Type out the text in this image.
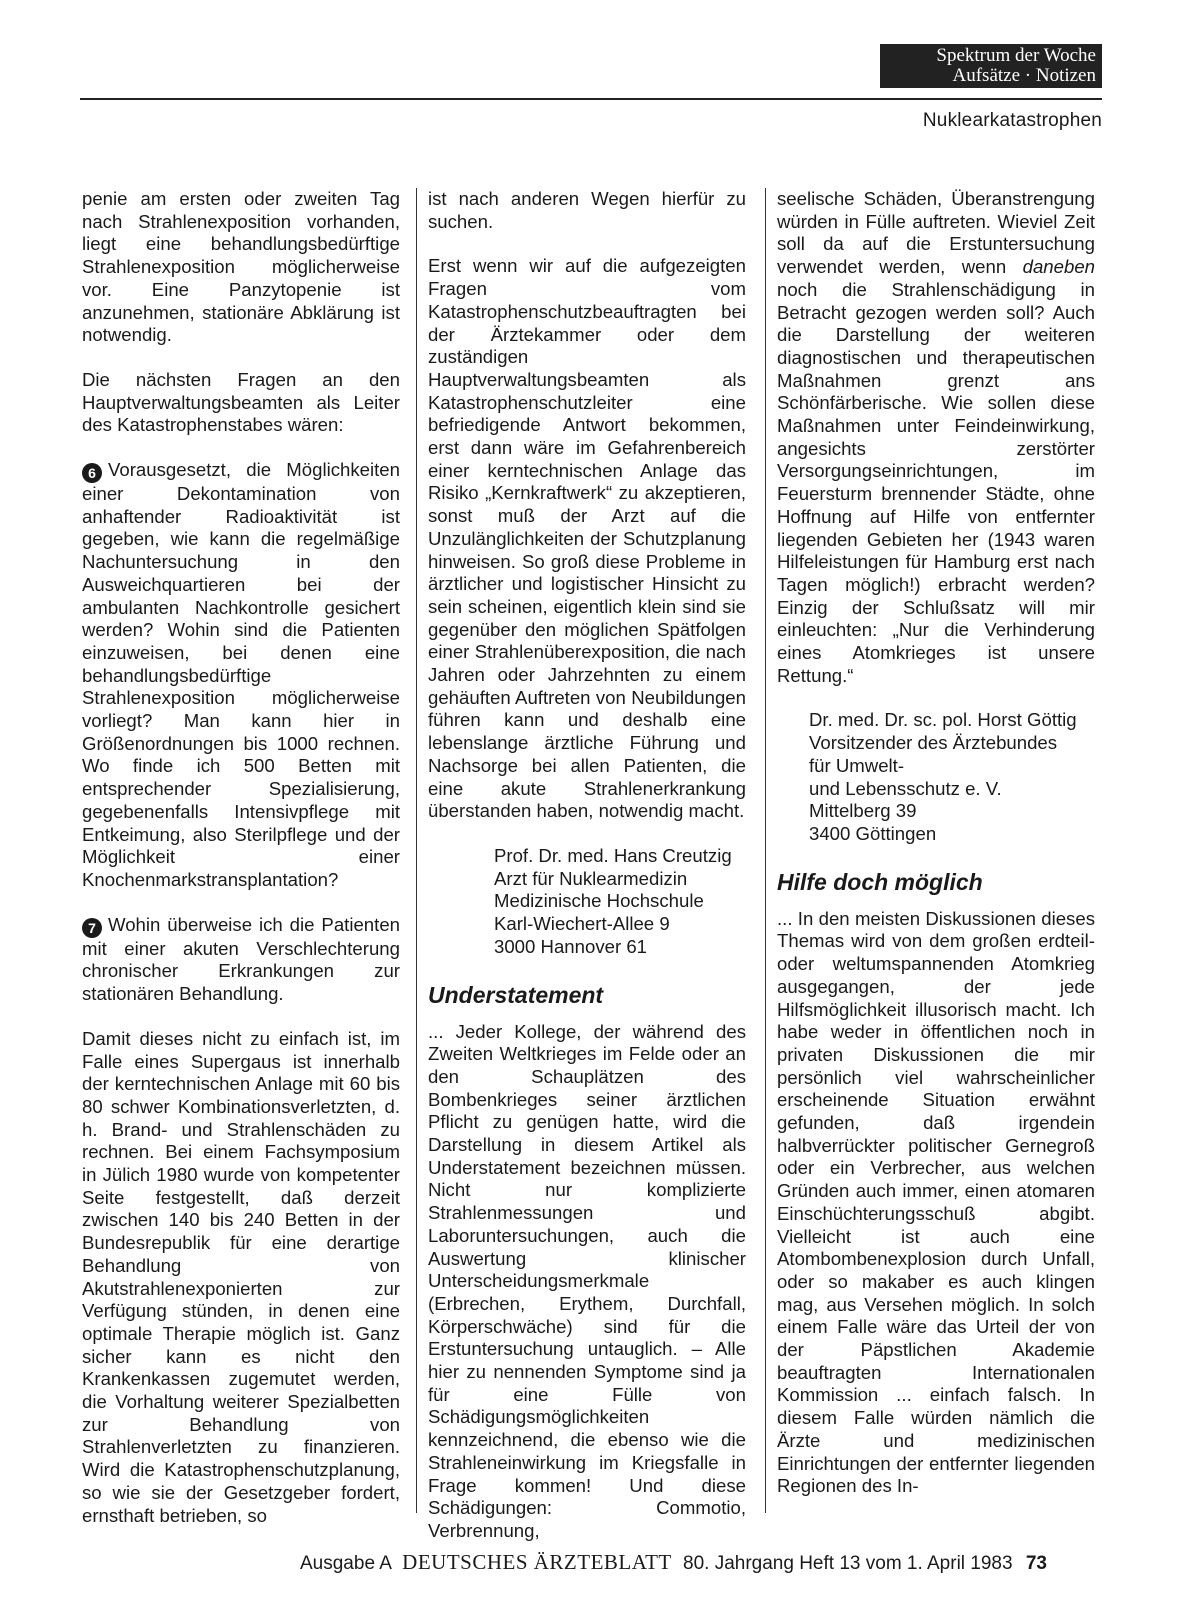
Spektrum der Woche
Aufsätze · Notizen
Nuklearkatastrophen

penie am ersten oder zweiten Tag nach Strahlenexposition vorhanden, liegt eine behandlungsbedürftige Strahlenexposition möglicherweise vor. Eine Panzytopenie ist anzunehmen, stationäre Abklärung ist notwendig.

Die nächsten Fragen an den Hauptverwaltungsbeamten als Leiter des Katastrophenstabes wären:

6 Vorausgesetzt, die Möglichkeiten einer Dekontamination von anhaftender Radioaktivität ist gegeben, wie kann die regelmäßige Nachuntersuchung in den Ausweichquartieren bei der ambulanten Nachkontrolle gesichert werden? Wohin sind die Patienten einzuweisen, bei denen eine behandlungsbedürftige Strahlenexposition möglicherweise vorliegt? Man kann hier in Größenordnungen bis 1000 rechnen. Wo finde ich 500 Betten mit entsprechender Spezialisierung, gegebenenfalls Intensivpflege mit Entkeimung, also Sterilpflege und der Möglichkeit einer Knochenmarkstransplantation?

7 Wohin überweise ich die Patienten mit einer akuten Verschlechterung chronischer Erkrankungen zur stationären Behandlung.

Damit dieses nicht zu einfach ist, im Falle eines Supergaus ist innerhalb der kerntechnischen Anlage mit 60 bis 80 schwer Kombinationsverletzten, d. h. Brand- und Strahlenschäden zu rechnen. Bei einem Fachsymposium in Jülich 1980 wurde von kompetenter Seite festgestellt, daß derzeit zwischen 140 bis 240 Betten in der Bundesrepublik für eine derartige Behandlung von Akutstrahlenexponierten zur Verfügung stünden, in denen eine optimale Therapie möglich ist. Ganz sicher kann es nicht den Krankenkassen zugemutet werden, die Vorhaltung weiterer Spezialbetten zur Behandlung von Strahlenverletzten zu finanzieren. Wird die Katastrophenschutzplanung, so wie sie der Gesetzgeber fordert, ernsthaft betrieben, so

ist nach anderen Wegen hierfür zu suchen.

Erst wenn wir auf die aufgezeigten Fragen vom Katastrophenschutzbeauftragten bei der Ärztekammer oder dem zuständigen Hauptverwaltungsbeamten als Katastrophenschutzleiter eine befriedigende Antwort bekommen, erst dann wäre im Gefahrenbereich einer kerntechnischen Anlage das Risiko „Kernkraftwerk“ zu akzeptieren, sonst muß der Arzt auf die Unzulänglichkeiten der Schutzplanung hinweisen. So groß diese Probleme in ärztlicher und logistischer Hinsicht zu sein scheinen, eigentlich klein sind sie gegenüber den möglichen Spätfolgen einer Strahlenüberexposition, die nach Jahren oder Jahrzehnten zu einem gehäuften Auftreten von Neubildungen führen kann und deshalb eine lebenslange ärztliche Führung und Nachsorge bei allen Patienten, die eine akute Strahlenerkrankung überstanden haben, notwendig macht.

Prof. Dr. med. Hans Creutzig
Arzt für Nuklearmedizin
Medizinische Hochschule
Karl-Wiechert-Allee 9
3000 Hannover 61
Understatement

... Jeder Kollege, der während des Zweiten Weltkrieges im Felde oder an den Schauplätzen des Bombenkrieges seiner ärztlichen Pflicht zu genügen hatte, wird die Darstellung in diesem Artikel als Understatement bezeichnen müssen. Nicht nur komplizierte Strahlenmessungen und Laboruntersuchungen, auch die Auswertung klinischer Unterscheidungsmerkmale (Erbrechen, Erythem, Durchfall, Körperschwäche) sind für die Erstuntersuchung untauglich. – Alle hier zu nennenden Symptome sind ja für eine Fülle von Schädigungsmöglichkeiten kennzeichnend, die ebenso wie die Strahleneinwirkung im Kriegsfalle in Frage kommen! Und diese Schädigungen: Commotio, Verbrennung,

seelische Schäden, Überanstrengung würden in Fülle auftreten. Wieviel Zeit soll da auf die Erstuntersuchung verwendet werden, wenn daneben noch die Strahlenschädigung in Betracht gezogen werden soll? Auch die Darstellung der weiteren diagnostischen und therapeutischen Maßnahmen grenzt ans Schönfärberische. Wie sollen diese Maßnahmen unter Feindeinwirkung, angesichts zerstörter Versorgungseinrichtungen, im Feuersturm brennender Städte, ohne Hoffnung auf Hilfe von entfernter liegenden Gebieten her (1943 waren Hilfeleistungen für Hamburg erst nach Tagen möglich!) erbracht werden? Einzig der Schlußsatz will mir einleuchten: „Nur die Verhinderung eines Atomkrieges ist unsere Rettung.“

Dr. med. Dr. sc. pol. Horst Göttig
Vorsitzender des Ärztebundes
für Umwelt-
und Lebensschutz e. V.
Mittelberg 39
3400 Göttingen
Hilfe doch möglich

... In den meisten Diskussionen dieses Themas wird von dem großen erdteil- oder weltumspannenden Atomkrieg ausgegangen, der jede Hilfsmöglichkeit illusorisch macht. Ich habe weder in öffentlichen noch in privaten Diskussionen die mir persönlich viel wahrscheinlicher erscheinende Situation erwähnt gefunden, daß irgendein halbverrückter politischer Gernegroß oder ein Verbrecher, aus welchen Gründen auch immer, einen atomaren Einschüchterungsschuß abgibt. Vielleicht ist auch eine Atombombenexplosion durch Unfall, oder so makaber es auch klingen mag, aus Versehen möglich. In solch einem Falle wäre das Urteil der von der Päpstlichen Akademie beauftragten Internationalen Kommission ... einfach falsch. In diesem Falle würden nämlich die Ärzte und medizinischen Einrichtungen der entfernter liegenden Regionen des In-

Ausgabe A DEUTSCHES ÄRZTEBLATT 80. Jahrgang Heft 13 vom 1. April 1983 73
